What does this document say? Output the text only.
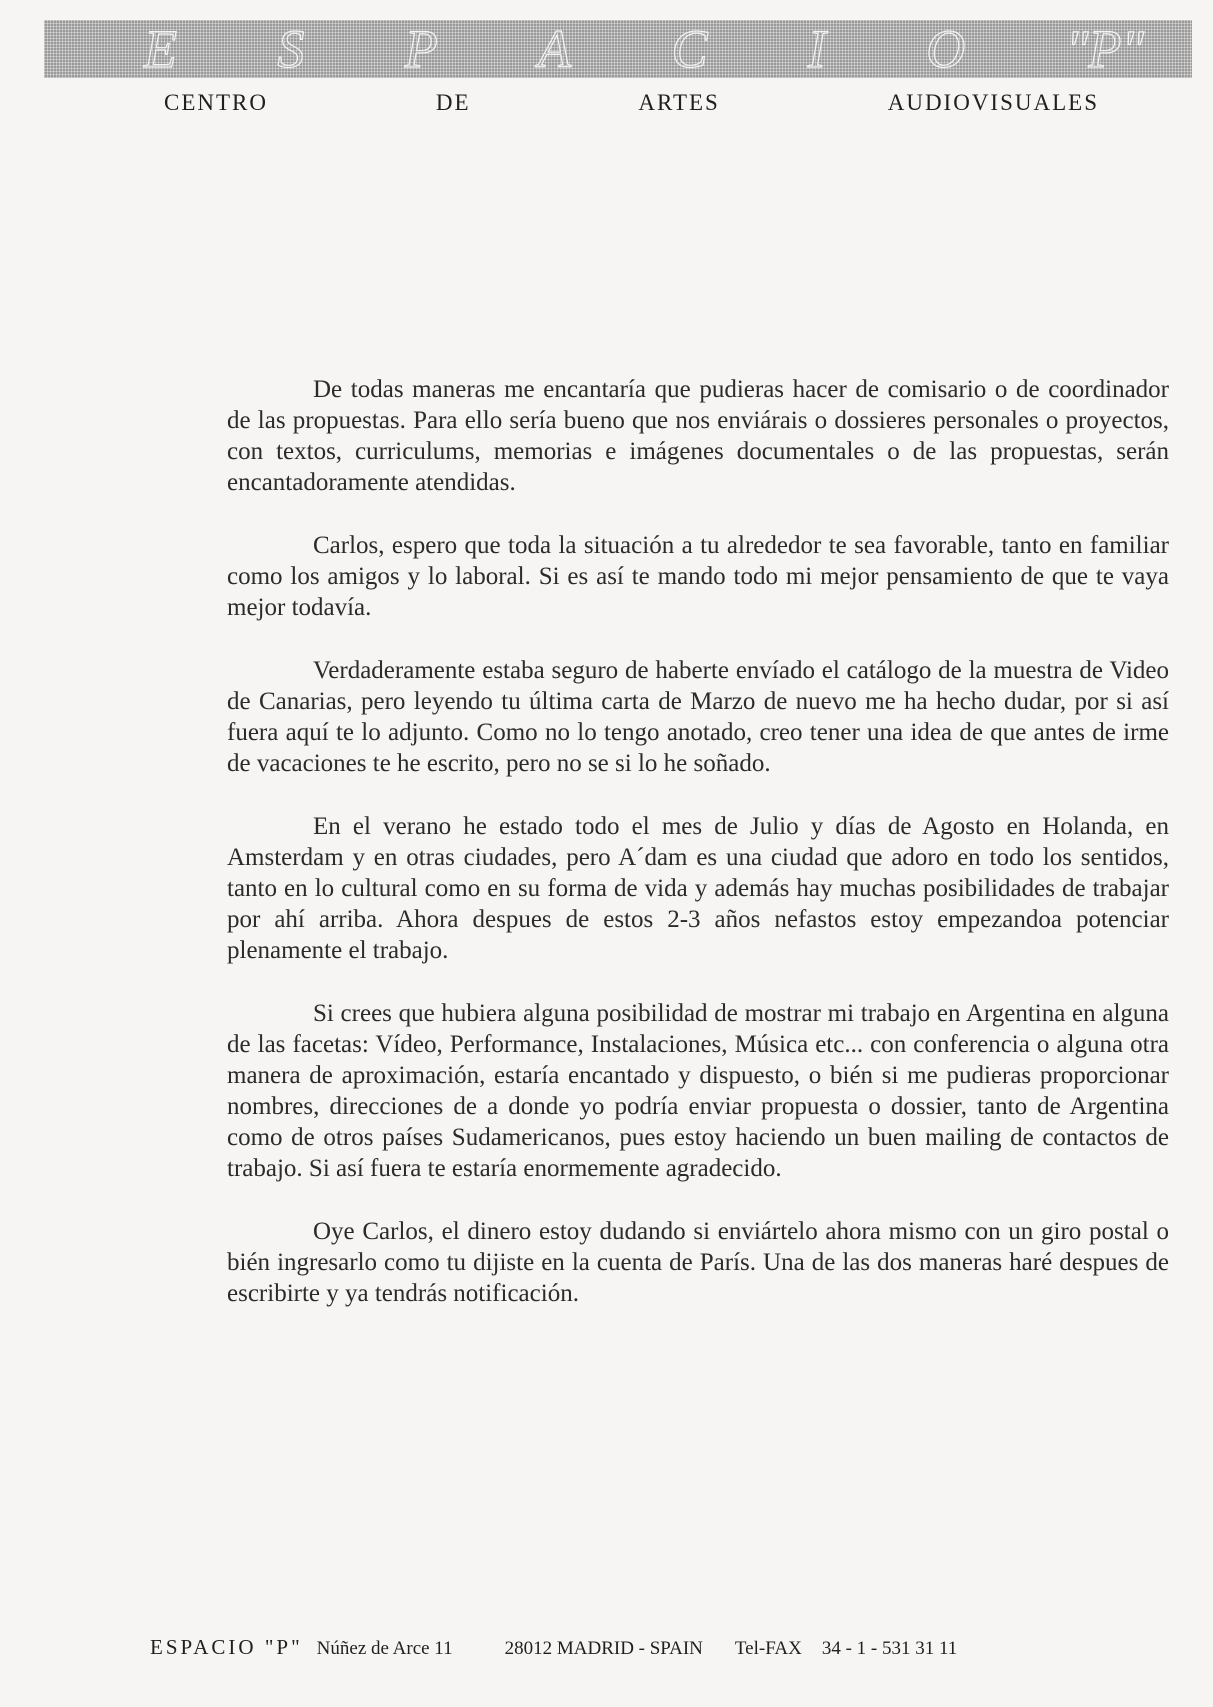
E S P A C I O "P"
CENTRO	DE	ARTES	AUDIOVISUALES

De todas maneras me encantaría que pudieras hacer de comisario o de coordinador de las propuestas. Para ello sería bueno que nos enviárais o dossieres personales o proyectos, con textos, curriculums, memorias e imágenes documentales o de las propuestas, serán encantadoramente atendidas.

Carlos, espero que toda la situación a tu alrededor te sea favorable, tanto en familiar como los amigos y lo laboral. Si es así te mando todo mi mejor pensamiento de que te vaya mejor todavía.

Verdaderamente estaba seguro de haberte envíado el catálogo de la muestra de Video de Canarias, pero leyendo tu última carta de Marzo de nuevo me ha hecho dudar, por si así fuera aquí te lo adjunto. Como no lo tengo anotado, creo tener una idea de que antes de irme de vacaciones te he escrito, pero no se si lo he soñado.

En el verano he estado todo el mes de Julio y días de Agosto en Holanda, en Amsterdam y en otras ciudades, pero A´dam es una ciudad que adoro en todo los sentidos, tanto en lo cultural como en su forma de vida y además hay muchas posibilidades de trabajar por ahí arriba. Ahora despues de estos 2-3 años nefastos estoy empezandoa potenciar plenamente el trabajo.

Si crees que hubiera alguna posibilidad de mostrar mi trabajo en Argentina en alguna de las facetas: Vídeo, Performance, Instalaciones, Música etc... con conferencia o alguna otra manera de aproximación, estaría encantado y dispuesto, o bién si me pudieras proporcionar nombres, direcciones de a donde yo podría enviar propuesta o dossier, tanto de Argentina como de otros países Sudamericanos, pues estoy haciendo un buen mailing de contactos de trabajo. Si así fuera te estaría enormemente agradecido.

Oye Carlos, el dinero estoy dudando si enviártelo ahora mismo con un giro postal o bién ingresarlo como tu dijiste en la cuenta de París. Una de las dos maneras haré despues de escribirte y ya tendrás notificación.

ESPACIO "P" Núñez de Arce 11	28012 MADRID - SPAIN Tel-FAX 34 - 1 - 531 31 11
